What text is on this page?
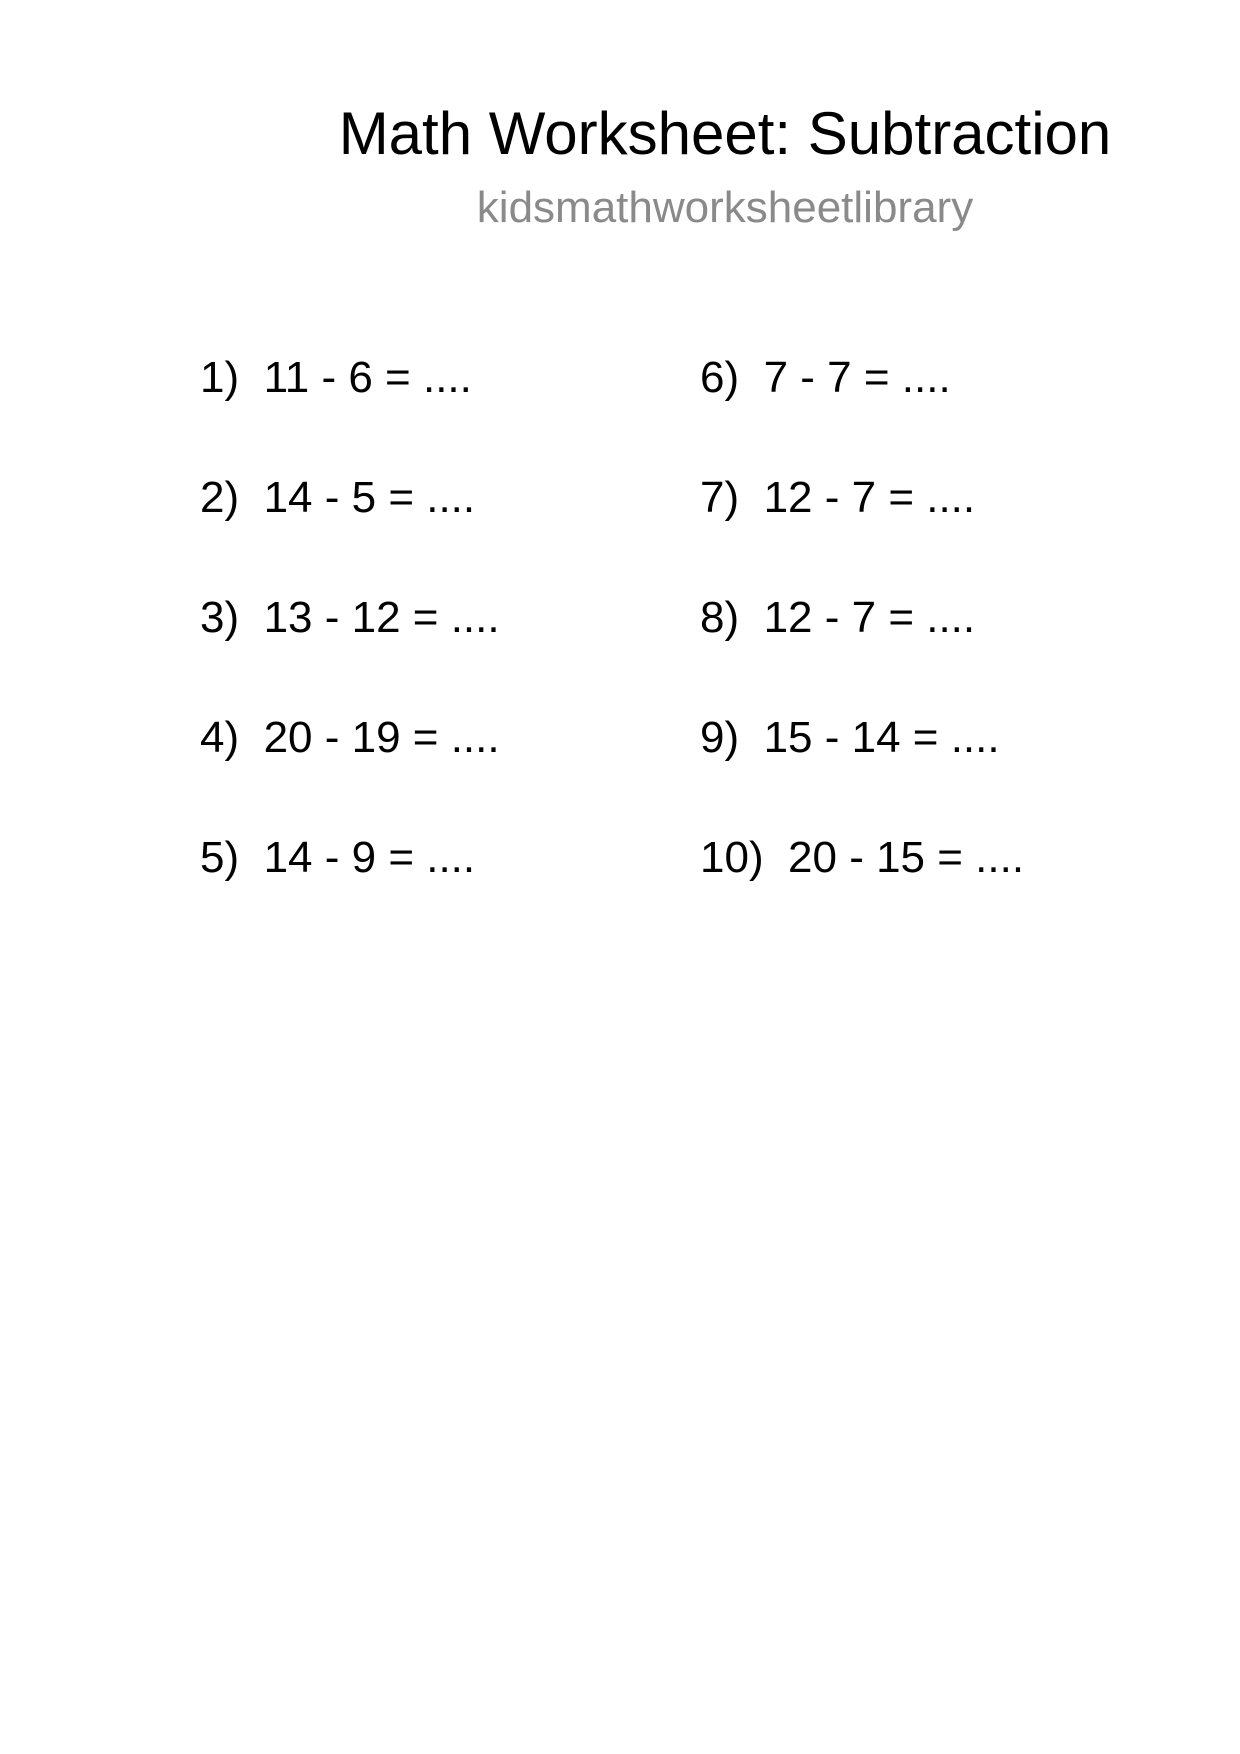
Math Worksheet: Subtraction
kidsmathworksheetlibrary
1) 11 - 6 = ....
2) 14 - 5 = ....
3) 13 - 12 = ....
4) 20 - 19 = ....
5) 14 - 9 = ....
6) 7 - 7 = ....
7) 12 - 7 = ....
8) 12 - 7 = ....
9) 15 - 14 = ....
10) 20 - 15 = ....
